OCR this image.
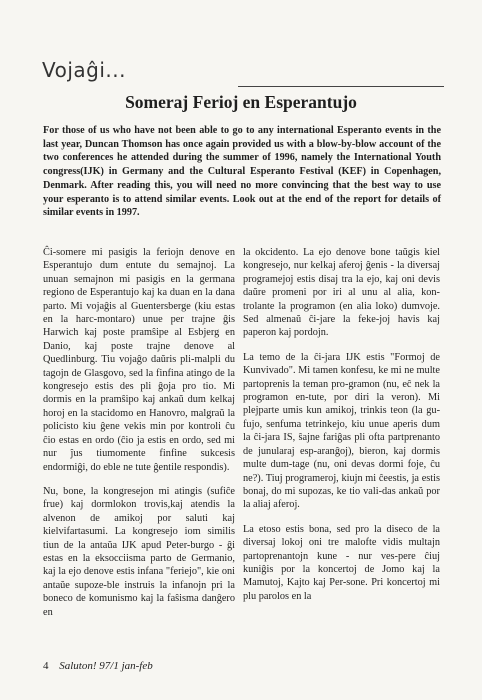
Vojaĝi...
Someraj Ferioj en Esperantujo
For those of us who have not been able to go to any international Esperanto events in the last year, Duncan Thomson has once again provided us with a blow-by-blow account of the two conferences he attended during the summer of 1996, namely the International Youth congress(IJK) in Germany and the Cultural Esperanto Festival (KEF) in Copenhagen, Denmark. After reading this, you will need no more convincing that the best way to use your esperanto is to attend similar events. Look out at the end of the report for details of similar events in 1997.

Ĉi-somere mi pasigis la feriojn denove en Esperantujo dum entute du semajnoj. La unuan semajnon mi pasigis en la germana regiono de Esperantujo kaj ka duan en la dana parto. Mi vojaĝis al Guentersberge (kiu estas en la harc-montaro) unue per trajne ĝis Harwich kaj poste pramŝipe al Esbjerg en Danio, kaj poste trajne denove al Quedlinburg. Tiu vojaĝo daŭris pli-malpli du tagojn de Glasgovo, sed la finfina atingo de la kongresejo estis des pli ĝoja pro tio. Mi dormis en la pramŝipo kaj ankaŭ dum kelkaj horoj en la stacidomo en Hanovro, malgraŭ la policisto kiu ĝene vekis min por kontroli ĉu ĉio estas en ordo (ĉio ja estis en ordo, sed mi nur ĵus tiumomente finfine sukcesis endormiĝi, do eble ne tute ĝentile respondis).

Nu, bone, la kongresejon mi atingis (sufiĉe frue) kaj dormlokon trovis,kaj atendis la alvenon de amikoj por saluti kaj kielvifartasumi. La kongresejo iom similis tiun de la antaŭa IJK apud Peter-burgo - ĝi estas en la eksocciisma parto de Germanio, kaj la ejo denove estis infana "feriejo", kie oni antaŭe supoze-ble instruis la infanojn pri la boneco de komunismo kaj la faŝisma danĝero en

la okcidento. La ejo denove bone taŭgis kiel kongresejo, nur kelkaj aferoj ĝenis - la diversaj programejoj estis disaj tra la ejo, kaj oni devis daŭre promeni por iri al unu al alia, kon-trolante la programon (en alia loko) dumvoje. Sed almenaŭ ĉi-jare la feke-joj havis kaj paperon kaj pordojn.

La temo de la ĉi-jara IJK estis "Formoj de Kunvivado". Mi tamen konfesu, ke mi ne multe partoprenis la teman pro-gramon (nu, eĉ nek la programon en-tute, por diri la veron). Mi plejparte umis kun amikoj, trinkis teon (la gu-fujo, senfuma tetrinkejo, kiu unue aperis dum la ĉi-jara IS, ŝajne fariĝas pli ofta partprenanto de junularaj esp-aranĝoj), bieron, kaj dormis multe dum-tage (nu, oni devas dormi foje, ĉu ne?). Tiuj programeroj, kiujn mi ĉeestis, ja estis bonaj, do mi supozas, ke tio vali-das ankaŭ por la aliaj aferoj.

La etoso estis bona, sed pro la diseco de la diversaj lokoj oni tre malofte vidis multajn partoprenantojn kune - nur ves-pere ĉiuj kuniĝis por la koncertoj de Jomo kaj la Mamutoj, Kajto kaj Per-sone. Pri koncertoj mi plu parolos en la

4 Saluton! 97/1 jan-feb
